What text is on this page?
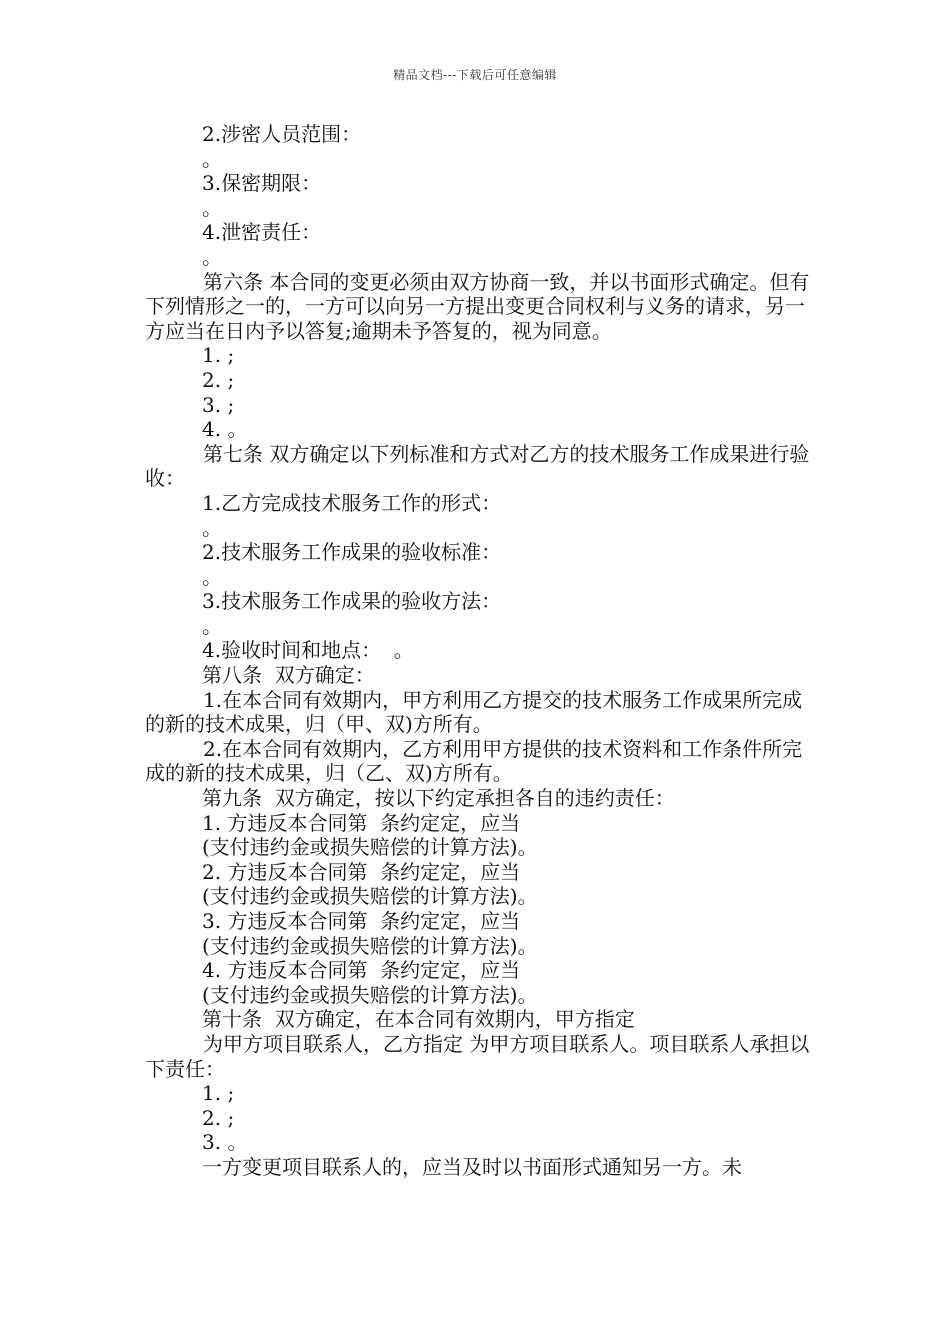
精品文档---下载后可任意编辑

2.涉密人员范围：

。

3.保密期限：

。

4.泄密责任：

。

第六条 本合同的变更必须由双方协商一致，并以书面形式确定。但有下列情形之一的，一方可以向另一方提出变更合同权利与义务的请求，另一方应当在日内予以答复;逾期未予答复的，视为同意。

1. ;

2. ;

3. ;

4. 。

第七条 双方确定以下列标准和方式对乙方的技术服务工作成果进行验收：

1.乙方完成技术服务工作的形式：

。

2.技术服务工作成果的验收标准：

。

3.技术服务工作成果的验收方法：

。

4.验收时间和地点：  。

第八条  双方确定：

1.在本合同有效期内，甲方利用乙方提交的技术服务工作成果所完成的新的技术成果，归（甲、双)方所有。

2.在本合同有效期内，乙方利用甲方提供的技术资料和工作条件所完成的新的技术成果，归（乙、双)方所有。

第九条  双方确定，按以下约定承担各自的违约责任：

1. 方违反本合同第  条约定定，应当

(支付违约金或损失赔偿的计算方法)。

2. 方违反本合同第  条约定定，应当

(支付违约金或损失赔偿的计算方法)。

3. 方违反本合同第  条约定定，应当

(支付违约金或损失赔偿的计算方法)。

4. 方违反本合同第  条约定定，应当

(支付违约金或损失赔偿的计算方法)。

第十条  双方确定，在本合同有效期内，甲方指定

为甲方项目联系人，乙方指定 为甲方项目联系人。项目联系人承担以下责任：

1. ;

2. ;

3. 。

一方变更项目联系人的，应当及时以书面形式通知另一方。未
